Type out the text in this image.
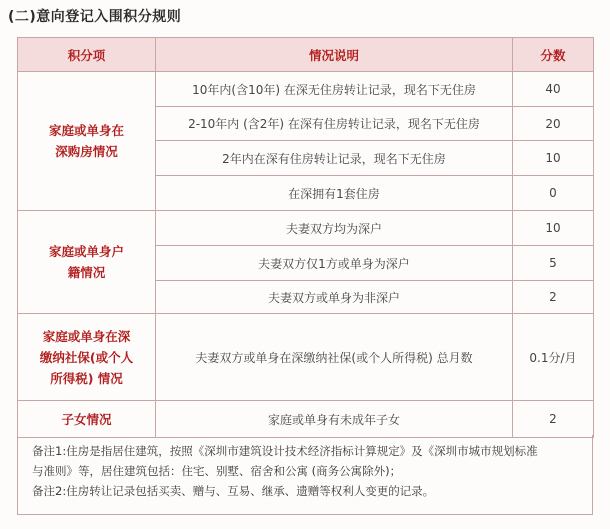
(二)意向登记入围积分规则
积分项	情况说明	分数

家庭或单身在
深购房情况	10年内(含10年) 在深无住房转让记录，现名下无住房	40
	2-10年内 (含2年) 在深有住房转让记录，现名下无住房	20
	2年内在深有住房转让记录，现名下无住房	10
	在深拥有1套住房	0

家庭或单身户
籍情况	夫妻双方均为深户	10
	夫妻双方仅1方或单身为深户	5
	夫妻双方或单身为非深户	2

家庭或单身在深
缴纳社保(或个人
所得税) 情况	夫妻双方或单身在深缴纳社保(或个人所得税) 总月数	0.1分/月

子女情况	家庭或单身有未成年子女	2

备注1:住房是指居住建筑，按照《深圳市建筑设计技术经济指标计算规定》及《深圳市城市规划标准
与准则》等，居住建筑包括：住宅、别墅、宿舍和公寓 (商务公寓除外)；

备注2:住房转让记录包括买卖、赠与、互易、继承、遗赠等权利人变更的记录。
